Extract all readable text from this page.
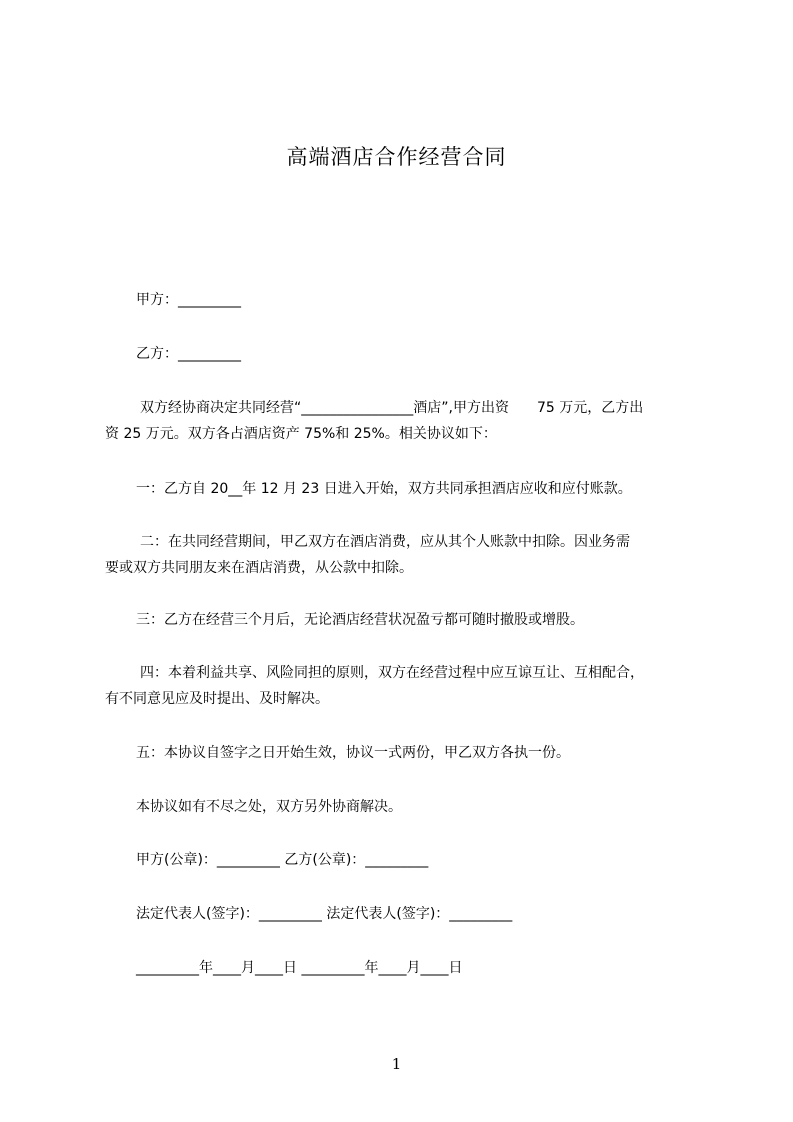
高端酒店合作经营合同
甲方：_________
乙方：_________
双方经协商决定共同经营“________________酒店”,甲方出资　　75 万元，乙方出
资 25 万元。双方各占酒店资产 75%和 25%。相关协议如下：
一：乙方自 20__年 12 月 23 日进入开始，双方共同承担酒店应收和应付账款。
二：在共同经营期间，甲乙双方在酒店消费，应从其个人账款中扣除。因业务需
要或双方共同朋友来在酒店消费，从公款中扣除。
三：乙方在经营三个月后，无论酒店经营状况盈亏都可随时撤股或增股。
四：本着利益共享、风险同担的原则，双方在经营过程中应互谅互让、互相配合，
有不同意见应及时提出、及时解决。
五：本协议自签字之日开始生效，协议一式两份，甲乙双方各执一份。
本协议如有不尽之处，双方另外协商解决。
甲方(公章)：_________ 乙方(公章)：_________
法定代表人(签字)：_________ 法定代表人(签字)：_________
_________年____月____日 _________年____月____日
1
